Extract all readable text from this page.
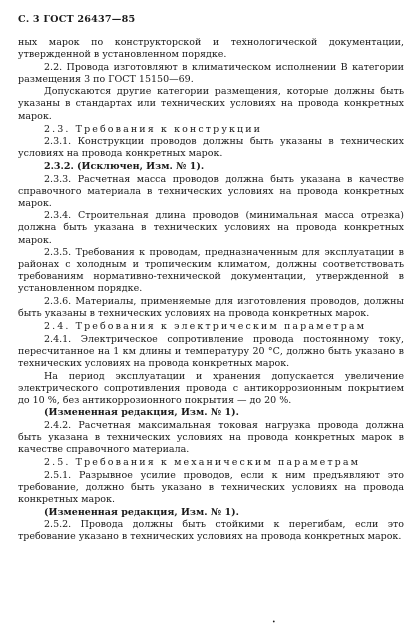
С. 3 ГОСТ 26437—85

ных марок по конструкторской и технологической документации, утвержденной в установленном порядке.

2.2. Провода изготовляют в климатическом исполнении В категории размещения 3 по ГОСТ 15150—69.

Допускаются другие категории размещения, которые должны быть указаны в стандартах или технических условиях на провода конкретных марок.

2.3. Требования к конструкции

2.3.1. Конструкции проводов должны быть указаны в технических условиях на провода конкретных марок.

2.3.2. (Исключен, Изм. № 1).

2.3.3. Расчетная масса проводов должна быть указана в качестве справочного материала в технических условиях на провода конкретных марок.

2.3.4. Строительная длина проводов (минимальная масса отрезка) должна быть указана в технических условиях на провода конкретных марок.

2.3.5. Требования к проводам, предназначенным для эксплуатации в районах с холодным и тропическим климатом, должны соответствовать требованиям нормативно-технической документации, утвержденной в установленном порядке.

2.3.6. Материалы, применяемые для изготовления проводов, должны быть указаны в технических условиях на провода конкретных марок.

2.4. Требования к электрическим параметрам

2.4.1. Электрическое сопротивление провода постоянному току, пересчитанное на 1 км длины и температуру 20 °С, должно быть указано в технических условиях на провода конкретных марок.

На период эксплуатации и хранения допускается увеличение электрического сопротивления провода с антикоррозионным покрытием до 10 %, без антикоррозионного покрытия — до 20 %.

(Измененная редакция, Изм. № 1).

2.4.2. Расчетная максимальная токовая нагрузка провода должна быть указана в технических условиях на провода конкретных марок в качестве справочного материала.

2.5. Требования к механическим параметрам

2.5.1. Разрывное усилие проводов, если к ним предъявляют это требование, должно быть указано в технических условиях на провода конкретных марок.

(Измененная редакция, Изм. № 1).

2.5.2. Провода должны быть стойкими к перегибам, если это требование указано в технических условиях на провода конкретных марок.

•
